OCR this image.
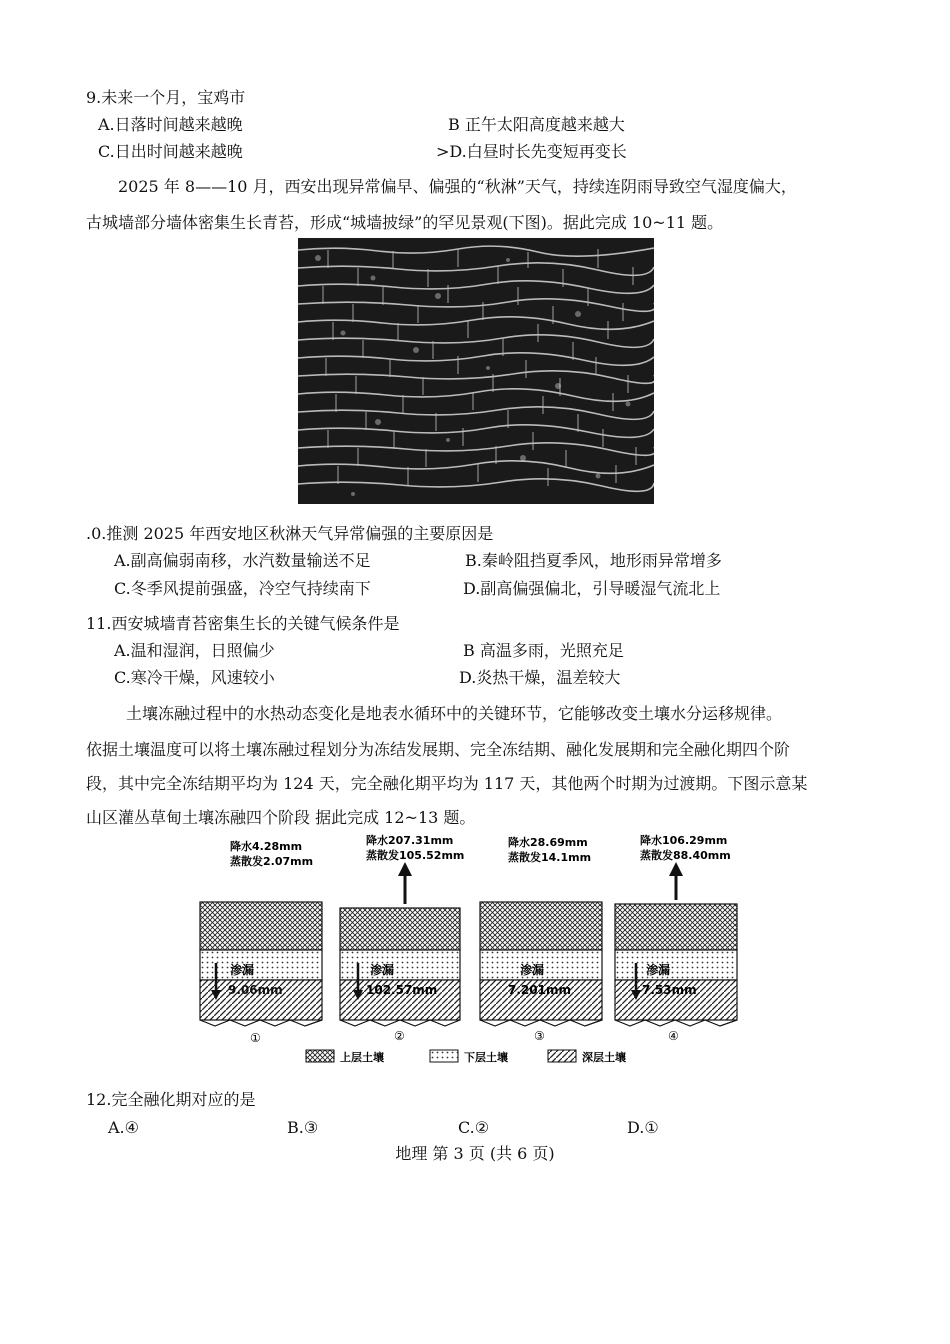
9.未来一个月，宝鸡市
A.日落时间越来越晚	B 正午太阳高度越来越大
C.日出时间越来越晚	>D.白昼时长先变短再变长
2025 年 8——10 月，西安出现异常偏早、偏强的“秋淋”天气，持续连阴雨导致空气湿度偏大，
古城墙部分墙体密集生长青苔，形成“城墙披绿”的罕见景观(下图)。据此完成 10~11 题。
.0.推测 2025 年西安地区秋淋天气异常偏强的主要原因是
A.副高偏弱南移，水汽数量输送不足	B.秦岭阻挡夏季风，地形雨异常增多
C.冬季风提前强盛，冷空气持续南下	D.副高偏强偏北，引导暖湿气流北上
11.西安城墙青苔密集生长的关键气候条件是
A.温和湿润，日照偏少	B 高温多雨，光照充足
C.寒冷干燥，风速较小	D.炎热干燥，温差较大
土壤冻融过程中的水热动态变化是地表水循环中的关键环节，它能够改变土壤水分运移规律。
依据土壤温度可以将土壤冻融过程划分为冻结发展期、完全冻结期、融化发展期和完全融化期四个阶
段，其中完全冻结期平均为 124 天，完全融化期平均为 117 天，其他两个时期为过渡期。下图示意某
山区灌丛草甸土壤冻融四个阶段 据此完成 12~13 题。
降水4.28mm
蒸散发2.07mm
渗漏
9.06mm
①
降水207.31mm
蒸散发105.52mm
渗漏
102.57mm
②
降水28.69mm
蒸散发14.1mm
渗漏
7.201mm
③
降水106.29mm
蒸散发88.40mm
渗漏
7.53mm
④
上层土壤	下层土壤	深层土壤
12.完全融化期对应的是
A.④	B.③	C.②	D.①
地理 第 3 页 (共 6 页)
